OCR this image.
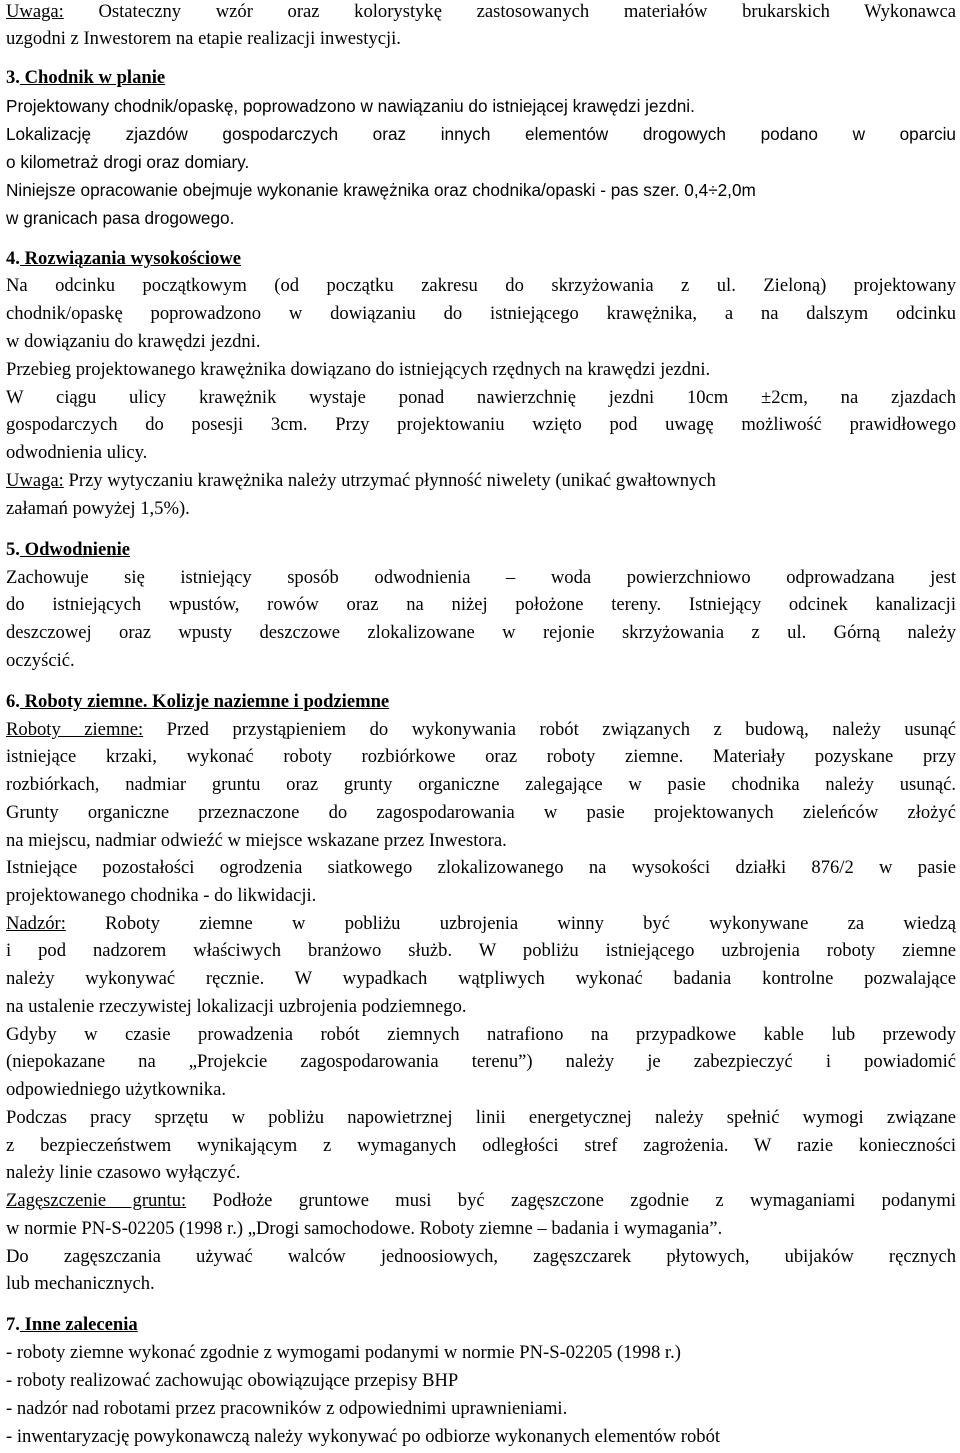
Uwaga: Ostateczny wzór oraz kolorystykę zastosowanych materiałów brukarskich Wykonawca
uzgodni z Inwestorem na etapie realizacji inwestycji.
3. Chodnik w planie
Projektowany chodnik/opaskę, poprowadzono w nawiązaniu do istniejącej krawędzi jezdni.
Lokalizację zjazdów gospodarczych oraz innych elementów drogowych podano w oparciu
o kilometraż drogi oraz domiary.
Niniejsze opracowanie obejmuje wykonanie krawężnika oraz chodnika/opaski - pas szer. 0,4÷2,0m
w granicach pasa drogowego.
4. Rozwiązania wysokościowe
Na odcinku początkowym (od początku zakresu do skrzyżowania z ul. Zieloną) projektowany
chodnik/opaskę poprowadzono w dowiązaniu do istniejącego krawężnika, a na dalszym odcinku
w dowiązaniu do krawędzi jezdni.
Przebieg projektowanego krawężnika dowiązano do istniejących rzędnych na krawędzi jezdni.
W ciągu ulicy krawężnik wystaje ponad nawierzchnię jezdni 10cm ±2cm, na zjazdach
gospodarczych do posesji 3cm. Przy projektowaniu wzięto pod uwagę możliwość prawidłowego
odwodnienia ulicy.
Uwaga: Przy wytyczaniu krawężnika należy utrzymać płynność niwelety (unikać gwałtownych
załamań powyżej 1,5%).
5. Odwodnienie
Zachowuje się istniejący sposób odwodnienia – woda powierzchniowo odprowadzana jest
do istniejących wpustów, rowów oraz na niżej położone tereny. Istniejący odcinek kanalizacji
deszczowej oraz wpusty deszczowe zlokalizowane w rejonie skrzyżowania z ul. Górną należy
oczyścić.
6. Roboty ziemne. Kolizje naziemne i podziemne
Roboty ziemne: Przed przystąpieniem do wykonywania robót związanych z budową, należy usunąć
istniejące krzaki, wykonać roboty rozbiórkowe oraz roboty ziemne. Materiały pozyskane przy
rozbiórkach, nadmiar gruntu oraz grunty organiczne zalegające w pasie chodnika należy usunąć.
Grunty organiczne przeznaczone do zagospodarowania w pasie projektowanych zieleńców złożyć
na miejscu, nadmiar odwieźć w miejsce wskazane przez Inwestora.
Istniejące pozostałości ogrodzenia siatkowego zlokalizowanego na wysokości działki 876/2 w pasie
projektowanego chodnika - do likwidacji.
Nadzór: Roboty ziemne w pobliżu uzbrojenia winny być wykonywane za wiedzą
i pod nadzorem właściwych branżowo służb. W pobliżu istniejącego uzbrojenia roboty ziemne
należy wykonywać ręcznie. W wypadkach wątpliwych wykonać badania kontrolne pozwalające
na ustalenie rzeczywistej lokalizacji uzbrojenia podziemnego.
Gdyby w czasie prowadzenia robót ziemnych natrafiono na przypadkowe kable lub przewody
(niepokazane na „Projekcie zagospodarowania terenu”) należy je zabezpieczyć i powiadomić
odpowiedniego użytkownika.
Podczas pracy sprzętu w pobliżu napowietrznej linii energetycznej należy spełnić wymogi związane
z bezpieczeństwem wynikającym z wymaganych odległości stref zagrożenia. W razie konieczności
należy linie czasowo wyłączyć.
Zagęszczenie gruntu: Podłoże gruntowe musi być zagęszczone zgodnie z wymaganiami podanymi
w normie PN-S-02205 (1998 r.) „Drogi samochodowe. Roboty ziemne – badania i wymagania”.
Do zagęszczania używać walców jednoosiowych, zagęszczarek płytowych, ubijaków ręcznych
lub mechanicznych.
7. Inne zalecenia
- roboty ziemne wykonać zgodnie z wymogami podanymi w normie PN-S-02205 (1998 r.)
- roboty realizować zachowując obowiązujące przepisy BHP
- nadzór nad robotami przez pracowników z odpowiednimi uprawnieniami.
- inwentaryzację powykonawczą należy wykonywać po odbiorze wykonanych elementów robót
